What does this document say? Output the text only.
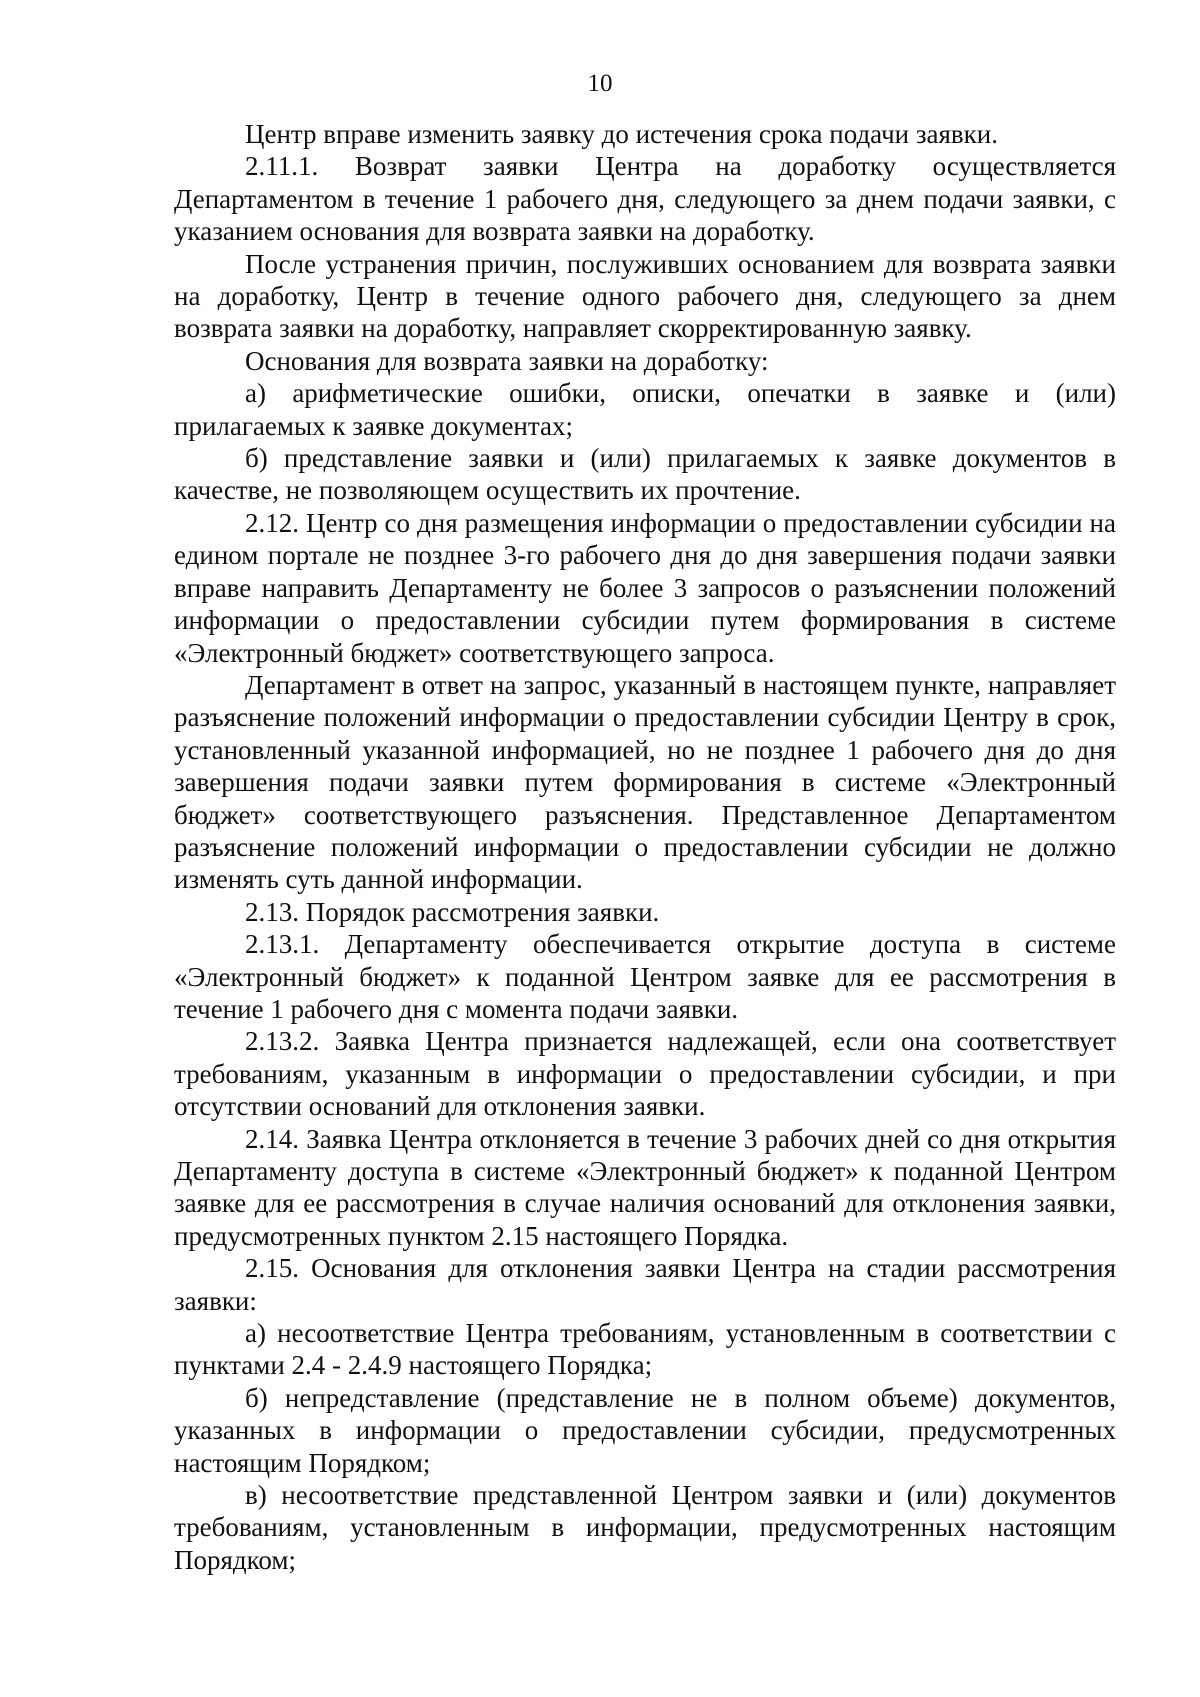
10

Центр вправе изменить заявку до истечения срока подачи заявки.

2.11.1. Возврат заявки Центра на доработку осуществляется Департаментом в течение 1 рабочего дня, следующего за днем подачи заявки, с указанием основания для возврата заявки на доработку.

После устранения причин, послуживших основанием для возврата заявки на доработку, Центр в течение одного рабочего дня, следующего за днем возврата заявки на доработку, направляет скорректированную заявку.

Основания для возврата заявки на доработку:

а) арифметические ошибки, описки, опечатки в заявке и (или) прилагаемых к заявке документах;

б) представление заявки и (или) прилагаемых к заявке документов в качестве, не позволяющем осуществить их прочтение.

2.12. Центр со дня размещения информации о предоставлении субсидии на едином портале не позднее 3-го рабочего дня до дня завершения подачи заявки вправе направить Департаменту не более 3 запросов о разъяснении положений информации о предоставлении субсидии путем формирования в системе «Электронный бюджет» соответствующего запроса.

Департамент в ответ на запрос, указанный в настоящем пункте, направляет разъяснение положений информации о предоставлении субсидии Центру в срок, установленный указанной информацией, но не позднее 1 рабочего дня до дня завершения подачи заявки путем формирования в системе «Электронный бюджет» соответствующего разъяснения. Представленное Департаментом разъяснение положений информации о предоставлении субсидии не должно изменять суть данной информации.

2.13. Порядок рассмотрения заявки.

2.13.1. Департаменту обеспечивается открытие доступа в системе «Электронный бюджет» к поданной Центром заявке для ее рассмотрения в течение 1 рабочего дня с момента подачи заявки.

2.13.2. Заявка Центра признается надлежащей, если она соответствует требованиям, указанным в информации о предоставлении субсидии, и при отсутствии оснований для отклонения заявки.

2.14. Заявка Центра отклоняется в течение 3 рабочих дней со дня открытия Департаменту доступа в системе «Электронный бюджет» к поданной Центром заявке для ее рассмотрения в случае наличия оснований для отклонения заявки, предусмотренных пунктом 2.15 настоящего Порядка.

2.15. Основания для отклонения заявки Центра на стадии рассмотрения заявки:

а) несоответствие Центра требованиям, установленным в соответствии с пунктами 2.4 - 2.4.9 настоящего Порядка;

б) непредставление (представление не в полном объеме) документов, указанных в информации о предоставлении субсидии, предусмотренных настоящим Порядком;

в) несоответствие представленной Центром заявки и (или) документов требованиям, установленным в информации, предусмотренных настоящим Порядком;
